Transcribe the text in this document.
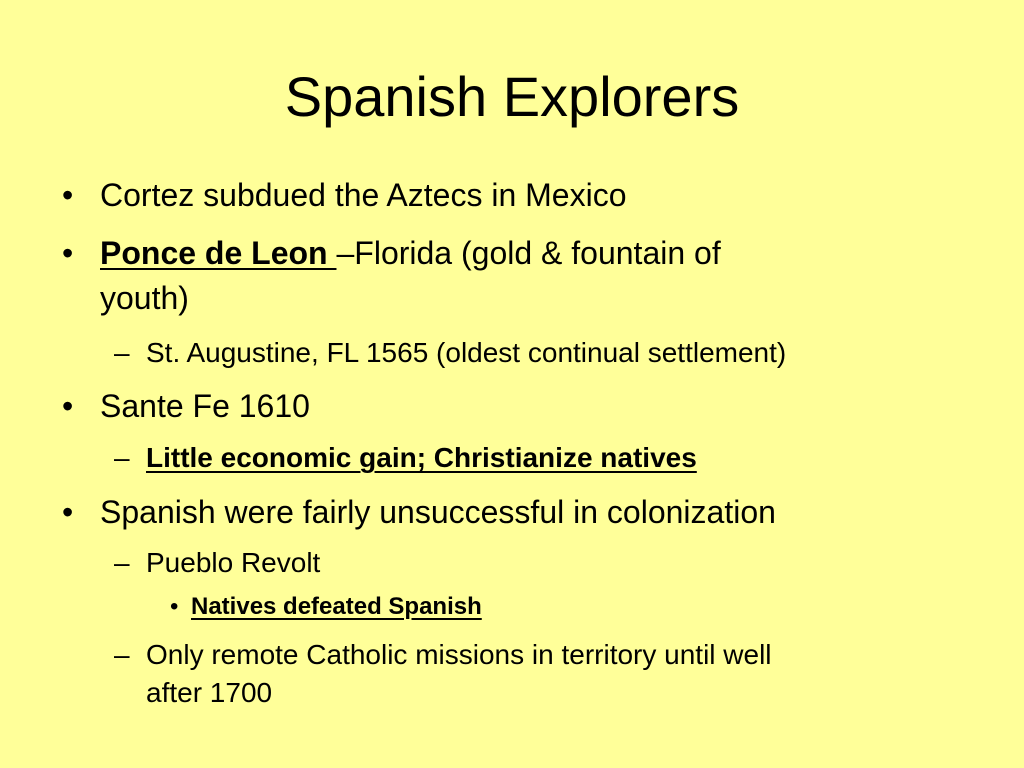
Spanish Explorers
• Cortez subdued the Aztecs in Mexico
• Ponce de Leon –Florida (gold & fountain of
youth)
– St. Augustine, FL 1565 (oldest continual settlement)
• Sante Fe 1610
– Little economic gain; Christianize natives
• Spanish were fairly unsuccessful in colonization
– Pueblo Revolt
• Natives defeated Spanish
– Only remote Catholic missions in territory until well
after 1700
